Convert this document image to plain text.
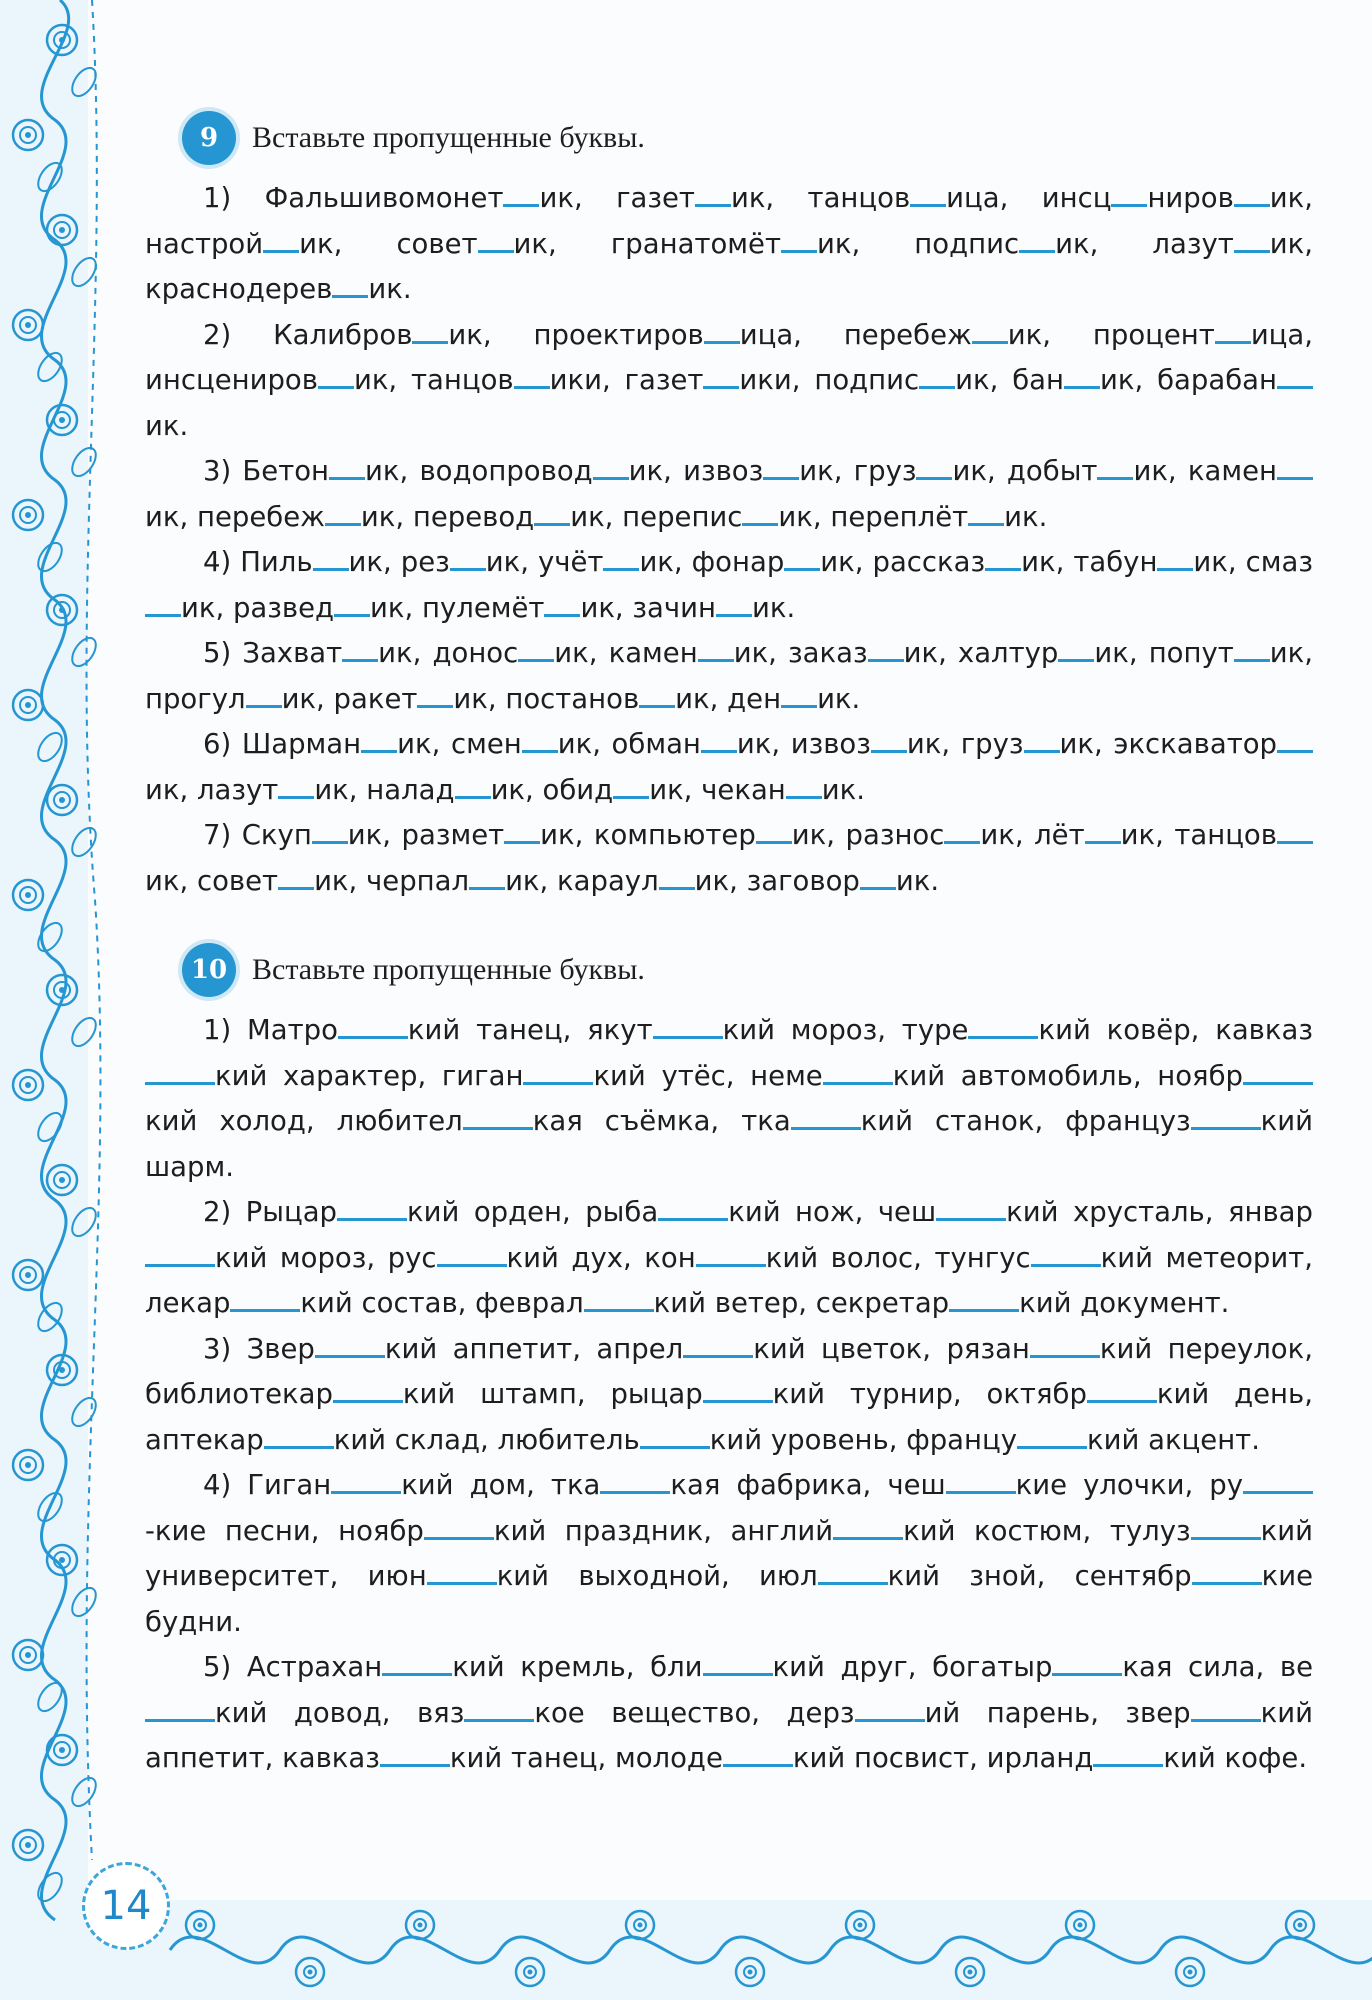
9	Вставьте пропущенные буквы.
1) Фальшивомонет ик, газет ик, танцов ица, инсц ниров ик, настрой ик, совет ик, гранатомёт ик, подпис ик, лазут ик, краснодерев ик.
2) Калибров ик, проектиров ица, перебеж ик, процент ица, инсцениров ик, танцов ики, газет ики, подпис ик, бан ик, барабаник.
3) Бетон ик, водопровод ик, извоз ик, груз ик, добыт ик, каменик, перебеж ик, перевод ик, перепис ик, переплёт ик.
4) Пиль ик, рез ик, учёт ик, фонар ик, рассказ ик, табун ик, смазик, развед ик, пулемёт ик, зачин ик.
5) Захват ик, донос ик, камен ик, заказ ик, халтур ик, попут ик, прогул ик, ракет ик, постанов ик, ден ик.
6) Шарман ик, смен ик, обман ик, извоз ик, груз ик, экскаваторик, лазут ик, налад ик, обид ик, чекан ик.
7) Скуп ик, размет ик, компьютер ик, разнос ик, лёт ик, танцовик, совет ик, черпал ик, караул ик, заговор ик.
10 Вставьте пропущенные буквы.
1) Матро	кий танец, якут	кий мороз, туре	кий ковёр, кавказкий характер, гиган	кий утёс, неме	кий автомобиль, ноябркий холод, любител	кая съёмка, тка	кий станок, француз	кий шарм.
2) Рыцар	кий орден, рыба	кий нож, чеш	кий хрусталь, январкий мороз, рус	кий дух, кон	кий волос, тунгус	кий метеорит, лекар	кий состав, феврал	кий ветер, секретар	кий документ.
3) Звер	кий аппетит, апрел	кий цветок, рязан	кий переулок, библиотекар	кий штамп, рыцар	кий турнир, октябр	кий день, аптекар	кий склад, любитель	кий уровень, францу	кий акцент.
4) Гиган	кий дом, тка	кая фабрика, чеш	кие улочки, ру-кие песни, ноябр	кий праздник, англий	кий костюм, тулуз	кий университет, июн	кий выходной, июл	кий зной, сентябр	кие будни.
5) Астрахан	кий кремль, бли	кий друг, богатыр	кая сила, векий довод, вяз	кое вещество, дерз	ий парень, звер	кий аппетит, кавказ	кий танец, молоде	кий посвист, ирланд	кий кофе.
14
